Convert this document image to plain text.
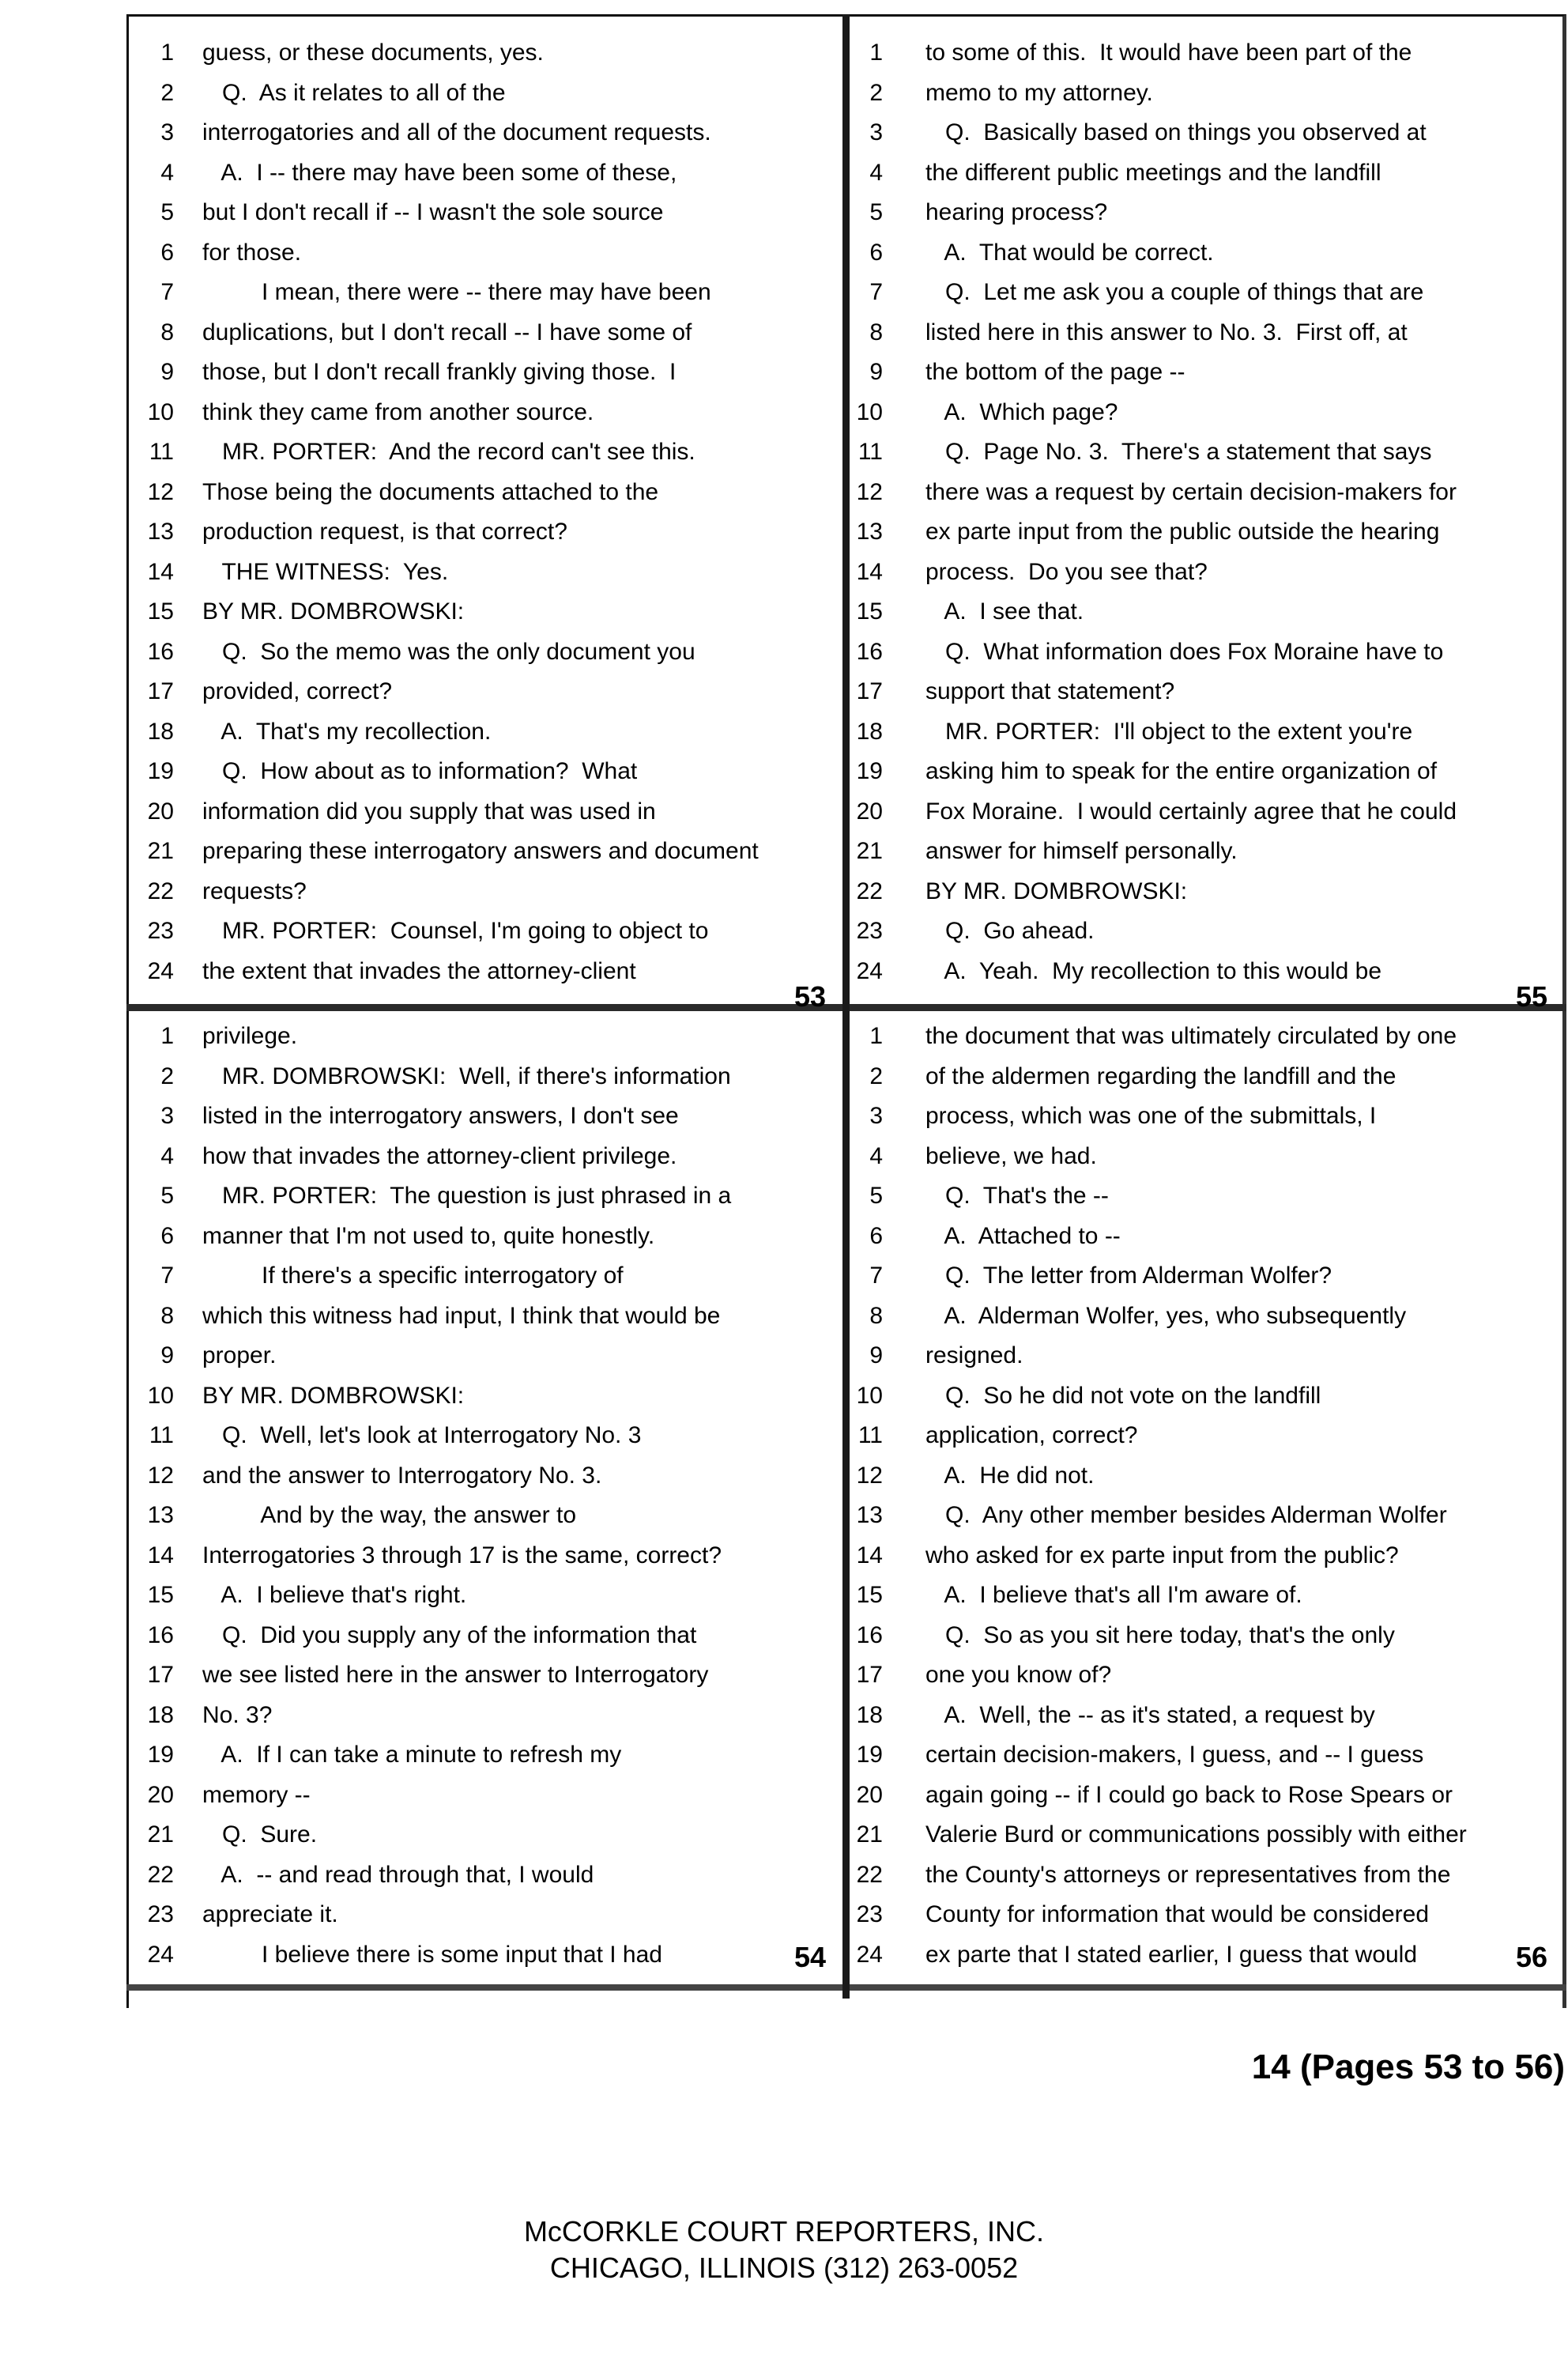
1 guess, or these documents, yes.
2 Q.  As it relates to all of the
3 interrogatories and all of the document requests.
4 A.  I -- there may have been some of these,
5 but I don't recall if -- I wasn't the sole source
6 for those.
7 I mean, there were -- there may have been
8 duplications, but I don't recall -- I have some of
9 those, but I don't recall frankly giving those.  I
10 think they came from another source.
11 MR. PORTER:  And the record can't see this.
12 Those being the documents attached to the
13 production request, is that correct?
14 THE WITNESS:  Yes.
15 BY MR. DOMBROWSKI:
16 Q.  So the memo was the only document you
17 provided, correct?
18 A.  That's my recollection.
19 Q.  How about as to information?  What
20 information did you supply that was used in
21 preparing these interrogatory answers and document
22 requests?
23 MR. PORTER:  Counsel, I'm going to object to
24 the extent that invades the attorney-client
1 to some of this.  It would have been part of the
2 memo to my attorney.
3 Q.  Basically based on things you observed at
4 the different public meetings and the landfill
5 hearing process?
6 A.  That would be correct.
7 Q.  Let me ask you a couple of things that are
8 listed here in this answer to No. 3.  First off, at
9 the bottom of the page --
10 A.  Which page?
11 Q.  Page No. 3.  There's a statement that says
12 there was a request by certain decision-makers for
13 ex parte input from the public outside the hearing
14 process.  Do you see that?
15 A.  I see that.
16 Q.  What information does Fox Moraine have to
17 support that statement?
18 MR. PORTER:  I'll object to the extent you're
19 asking him to speak for the entire organization of
20 Fox Moraine.  I would certainly agree that he could
21 answer for himself personally.
22 BY MR. DOMBROWSKI:
23 Q.  Go ahead.
24 A.  Yeah.  My recollection to this would be
1 privilege.
2 MR. DOMBROWSKI:  Well, if there's information
3 listed in the interrogatory answers, I don't see
4 how that invades the attorney-client privilege.
5 MR. PORTER:  The question is just phrased in a
6 manner that I'm not used to, quite honestly.
7 If there's a specific interrogatory of
8 which this witness had input, I think that would be
9 proper.
10 BY MR. DOMBROWSKI:
11 Q.  Well, let's look at Interrogatory No. 3
12 and the answer to Interrogatory No. 3.
13 And by the way, the answer to
14 Interrogatories 3 through 17 is the same, correct?
15 A.  I believe that's right.
16 Q.  Did you supply any of the information that
17 we see listed here in the answer to Interrogatory
18 No. 3?
19 A.  If I can take a minute to refresh my
20 memory --
21 Q.  Sure.
22 A.  -- and read through that, I would
23 appreciate it.
24 I believe there is some input that I had
1 the document that was ultimately circulated by one
2 of the aldermen regarding the landfill and the
3 process, which was one of the submittals, I
4 believe, we had.
5 Q.  That's the --
6 A.  Attached to --
7 Q.  The letter from Alderman Wolfer?
8 A.  Alderman Wolfer, yes, who subsequently
9 resigned.
10 Q.  So he did not vote on the landfill
11 application, correct?
12 A.  He did not.
13 Q.  Any other member besides Alderman Wolfer
14 who asked for ex parte input from the public?
15 A.  I believe that's all I'm aware of.
16 Q.  So as you sit here today, that's the only
17 one you know of?
18 A.  Well, the -- as it's stated, a request by
19 certain decision-makers, I guess, and -- I guess
20 again going -- if I could go back to Rose Spears or
21 Valerie Burd or communications possibly with either
22 the County's attorneys or representatives from the
23 County for information that would be considered
24 ex parte that I stated earlier, I guess that would
53	55
54	56
14 (Pages 53 to 56)
McCORKLE COURT REPORTERS, INC.
CHICAGO, ILLINOIS (312) 263-0052
